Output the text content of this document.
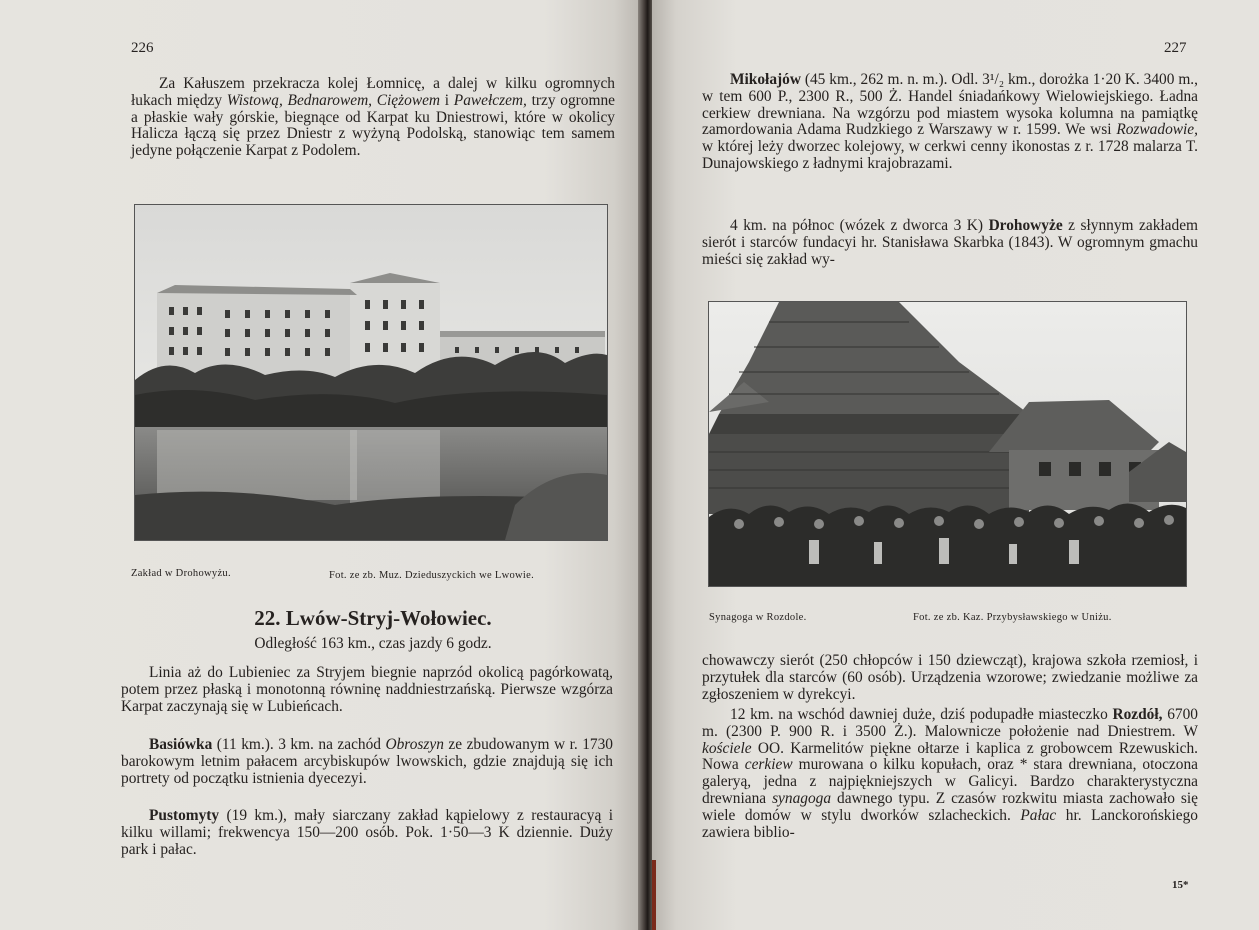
226

Za Kałuszem przekracza kolej Łomnicę, a dalej w kilku ogromnych łukach między Wistową, Bednarowem, Ciężowem i Pawełczem, trzy ogromne a płaskie wały górskie, biegnące od Karpat ku Dniestrowi, które w okolicy Halicza łączą się przez Dniestr z wyżyną Podolską, stanowiąc tem samem jedyne połączenie Karpat z Podolem.

Zakład w Drohowyżu.	Fot. ze zb. Muz. Dzieduszyckich we Lwowie.
22. Lwów-Stryj-Wołowiec.
Odległość 163 km., czas jazdy 6 godz.

Linia aż do Lubieniec za Stryjem biegnie naprzód okolicą pagórkowatą, potem przez płaską i monotonną równinę naddniestrzańską. Pierwsze wzgórza Karpat zaczynają się w Lubieńcach.

Basiówka (11 km.). 3 km. na zachód Obroszyn ze zbudowanym w r. 1730 barokowym letnim pałacem arcybiskupów lwowskich, gdzie znajdują się ich portrety od początku istnienia dyecezyi.

Pustomyty (19 km.), mały siarczany zakład kąpielowy z restauracyą i kilku willami; frekwencya 150—200 osób. Pok. 1·50—3 K dziennie. Duży park i pałac.

227

Mikołajów (45 km., 262 m. n. m.). Odl. 3¹/₂ km., dorożka 1·20 K. 3400 m., w tem 600 P., 2300 R., 500 Ż. Handel śniadańkowy Wielowiejskiego. Ładna cerkiew drewniana. Na wzgórzu pod miastem wysoka kolumna na pamiątkę zamordowania Adama Rudzkiego z Warszawy w r. 1599. We wsi Rozwadowie, w której leży dworzec kolejowy, w cerkwi cenny ikonostas z r. 1728 malarza T. Dunajowskiego z ładnymi krajobrazami.

4 km. na północ (wózek z dworca 3 K) Drohowyże z słynnym zakładem sierót i starców fundacyi hr. Stanisława Skarbka (1843). W ogromnym gmachu mieści się zakład wy-

Synagoga w Rozdole.	Fot. ze zb. Kaz. Przybysławskiego w Uniżu.

chowawczy sierót (250 chłopców i 150 dziewcząt), krajowa szkoła rzemiosł, i przytułek dla starców (60 osób). Urządzenia wzorowe; zwiedzanie możliwe za zgłoszeniem w dyrekcyi.

12 km. na wschód dawniej duże, dziś podupadłe miasteczko Rozdół, 6700 m. (2300 P. 900 R. i 3500 Ż.). Malownicze położenie nad Dniestrem. W kościele OO. Karmelitów piękne ołtarze i kaplica z grobowcem Rzewuskich. Nowa cerkiew murowana o kilku kopułach, oraz * stara drewniana, otoczona galeryą, jedna z najpiękniejszych w Galicyi. Bardzo charakterystyczna drewniana synagoga dawnego typu. Z czasów rozkwitu miasta zachowało się wiele domów w stylu dworków szlacheckich. Pałac hr. Lanckorońskiego zawiera biblio-

15*
